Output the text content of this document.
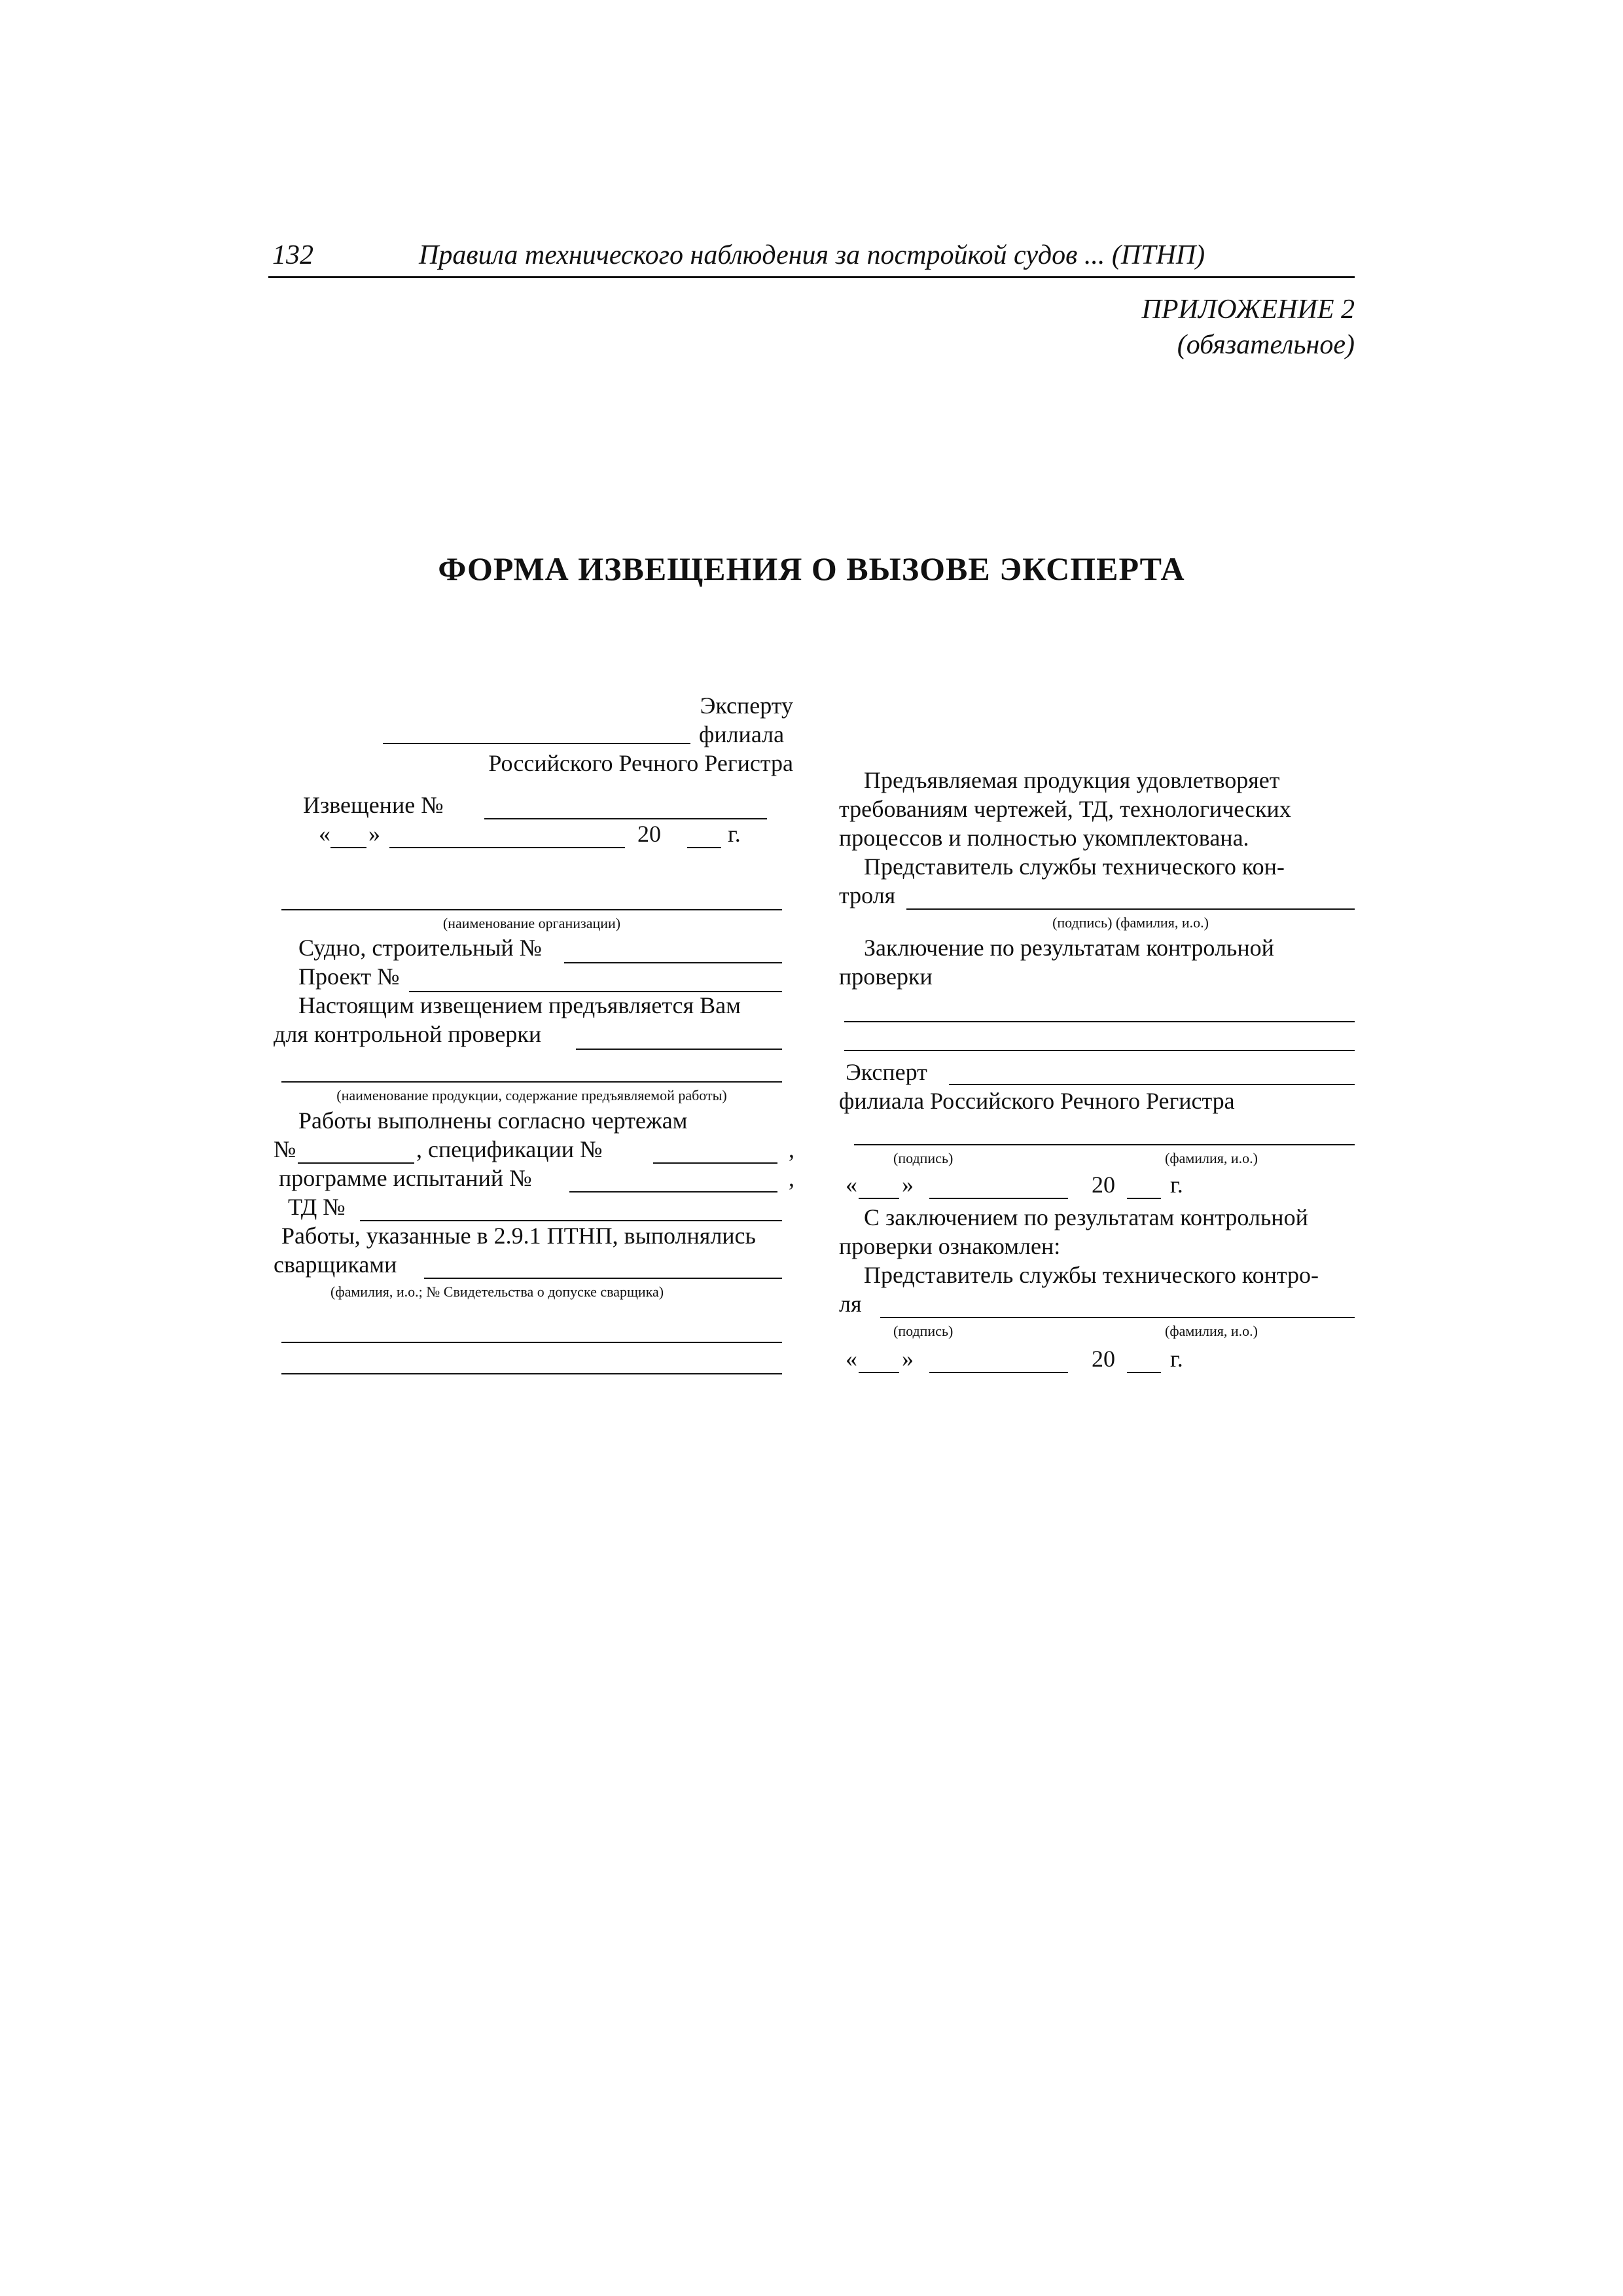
132	Правила технического наблюдения за постройкой судов ... (ПТНП)
ПРИЛОЖЕНИЕ 2
(обязательное)
ФОРМА ИЗВЕЩЕНИЯ О ВЫЗОВЕ ЭКСПЕРТА
Эксперту
филиала
Российского Речного Регистра
Извещение №
« »	20	г.
(наименование организации)
Судно, строительный №
Проект №
Настоящим извещением предъявляется Вам
для контрольной проверки
(наименование продукции, содержание предъявляемой работы)
Работы выполнены согласно чертежам
№	, спецификации №	,
программе испытаний №	,
ТД №
Работы, указанные в 2.9.1 ПТНП, выполнялись
сварщиками
(фамилия, и.о.; № Свидетельства о допуске сварщика)
Предъявляемая продукция удовлетворяет
требованиям чертежей, ТД, технологических
процессов и полностью укомплектована.
Представитель службы технического кон-
троля
(подпись) (фамилия, и.о.)
Заключение по результатам контрольной
проверки
Эксперт
филиала Российского Речного Регистра
(подпись)	(фамилия, и.о.)
« »	20 г.
С заключением по результатам контрольной
проверки ознакомлен:
Представитель службы технического контро-
ля
(подпись)	(фамилия, и.о.)
« »	20 г.
